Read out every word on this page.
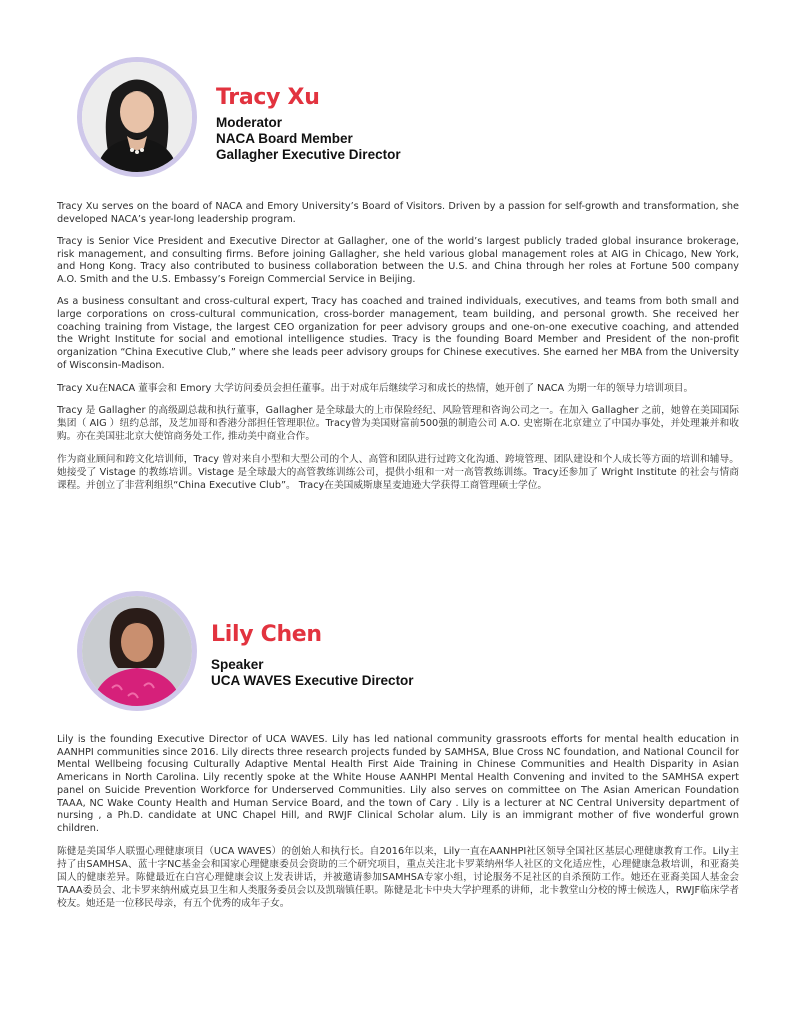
Tracy Xu
Moderator
NACA Board Member
Gallagher Executive Director

Tracy Xu serves on the board of NACA and Emory University’s Board of Visitors. Driven by a passion for self-growth and transformation, she developed NACA’s year-long leadership program.

Tracy is Senior Vice President and Executive Director at Gallagher, one of the world’s largest publicly traded global insurance brokerage, risk management, and consulting firms. Before joining Gallagher, she held various global management roles at AIG in Chicago, New York, and Hong Kong. Tracy also contributed to business collaboration between the U.S. and China through her roles at Fortune 500 company A.O. Smith and the U.S. Embassy’s Foreign Commercial Service in Beijing.

As a business consultant and cross-cultural expert, Tracy has coached and trained individuals, executives, and teams from both small and large corporations on cross-cultural communication, cross-border management, team building, and personal growth. She received her coaching training from Vistage, the largest CEO organization for peer advisory groups and one-on-one executive coaching, and attended the Wright Institute for social and emotional intelligence studies. Tracy is the founding Board Member and President of the non-profit organization “China Executive Club,” where she leads peer advisory groups for Chinese executives. She earned her MBA from the University of Wisconsin-Madison.

Tracy Xu在NACA 董事会和 Emory 大学访问委员会担任董事。出于对成年后继续学习和成长的热情，她开创了 NACA 为期一年的领导力培训项目。

Tracy 是 Gallagher 的高级副总裁和执行董事，Gallagher 是全球最大的上市保险经纪、风险管理和咨询公司之一。在加入 Gallagher 之前，她曾在美国国际集团（ AIG ）纽约总部，及芝加哥和香港分部担任管理职位。Tracy曾为美国财富前500强的制造公司 A.O. 史密斯在北京建立了中国办事处，并处理兼并和收购。亦在美国驻北京大使馆商务处工作, 推动美中商业合作。

作为商业顾问和跨文化培训师，Tracy 曾对来自小型和大型公司的个人、高管和团队进行过跨文化沟通、跨境管理、团队建设和个人成长等方面的培训和辅导。她接受了 Vistage 的教练培训。Vistage 是全球最大的高管教练训练公司，提供小组和一对一高管教练训练。Tracy还参加了 Wright Institute 的社会与情商课程。并创立了非营利组织“China Executive Club”。 Tracy在美国威斯康星麦迪逊大学获得工商管理硕士学位。

Lily Chen
Speaker
UCA WAVES Executive Director

Lily is the founding Executive Director of UCA WAVES. Lily has led national community grassroots efforts for mental health education in AANHPI communities since 2016. Lily directs three research projects funded by SAMHSA, Blue Cross NC foundation, and National Council for Mental Wellbeing focusing Culturally Adaptive Mental Health First Aide Training in Chinese Communities and Health Disparity in Asian Americans in North Carolina. Lily recently spoke at the White House AANHPI Mental Health Convening and invited to the SAMHSA expert panel on Suicide Prevention Workforce for Underserved Communities. Lily also serves on committee on The Asian American Foundation TAAA, NC Wake County Health and Human Service Board, and the town of Cary . Lily is a lecturer at NC Central University department of nursing , a Ph.D. candidate at UNC Chapel Hill, and RWJF Clinical Scholar alum. Lily is an immigrant mother of five wonderful grown children.

陈健是美国华人联盟心理健康项目（UCA WAVES）的创始人和执行长。自2016年以来，Lily一直在AANHPI社区领导全国社区基层心理健康教育工作。Lily主持了由SAMHSA、蓝十字NC基金会和国家心理健康委员会资助的三个研究项目，重点关注北卡罗莱纳州华人社区的文化适应性，心理健康急救培训，和亚裔美国人的健康差异。陈健最近在白宫心理健康会议上发表讲话，并被邀请参加SAMHSA专家小组，讨论服务不足社区的自杀预防工作。她还在亚裔美国人基金会TAAA委员会、北卡罗来纳州威克县卫生和人类服务委员会以及凯瑞镇任职。陈健是北卡中央大学护理系的讲师，北卡教堂山分校的博士候选人，RWJF临床学者校友。她还是一位移民母亲，有五个优秀的成年子女。
